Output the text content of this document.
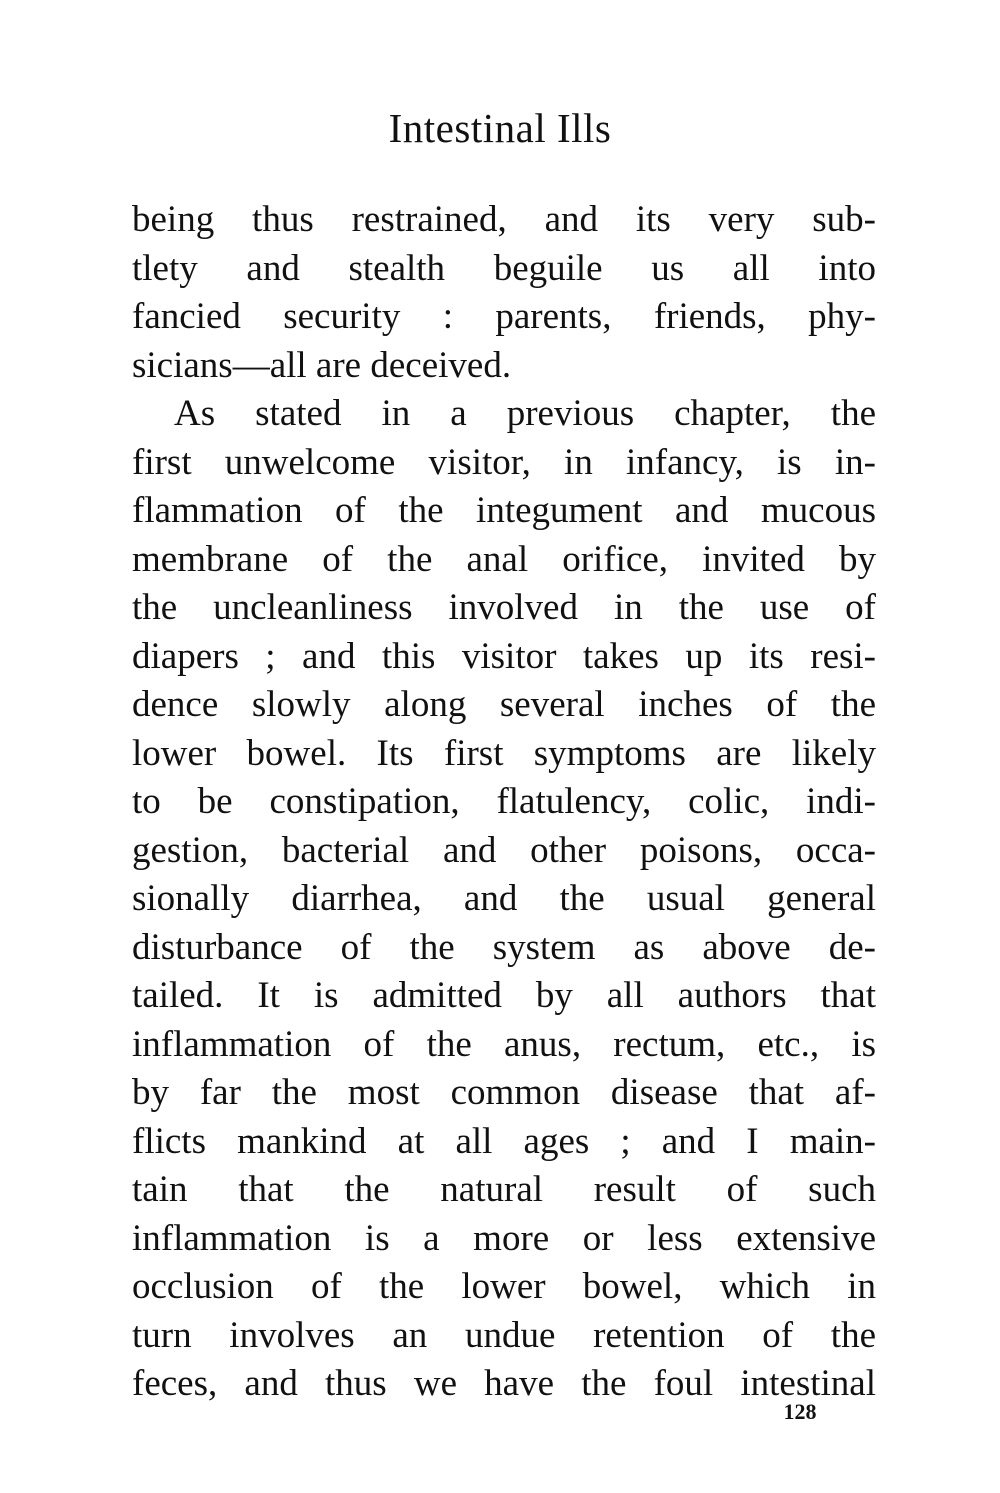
Intestinal Ills
being thus restrained, and its very sub-
tlety and stealth beguile us all into
fancied security : parents, friends, phy-
sicians—all are deceived.
As stated in a previous chapter, the
first unwelcome visitor, in infancy, is in-
flammation of the integument and mucous
membrane of the anal orifice, invited by
the uncleanliness involved in the use of
diapers ; and this visitor takes up its resi-
dence slowly along several inches of the
lower bowel. Its first symptoms are likely
to be constipation, flatulency, colic, indi-
gestion, bacterial and other poisons, occa-
sionally diarrhea, and the usual general
disturbance of the system as above de-
tailed. It is admitted by all authors that
inflammation of the anus, rectum, etc., is
by far the most common disease that af-
flicts mankind at all ages ; and I main-
tain that the natural result of such
inflammation is a more or less extensive
occlusion of the lower bowel, which in
turn involves an undue retention of the
feces, and thus we have the foul intestinal
128
